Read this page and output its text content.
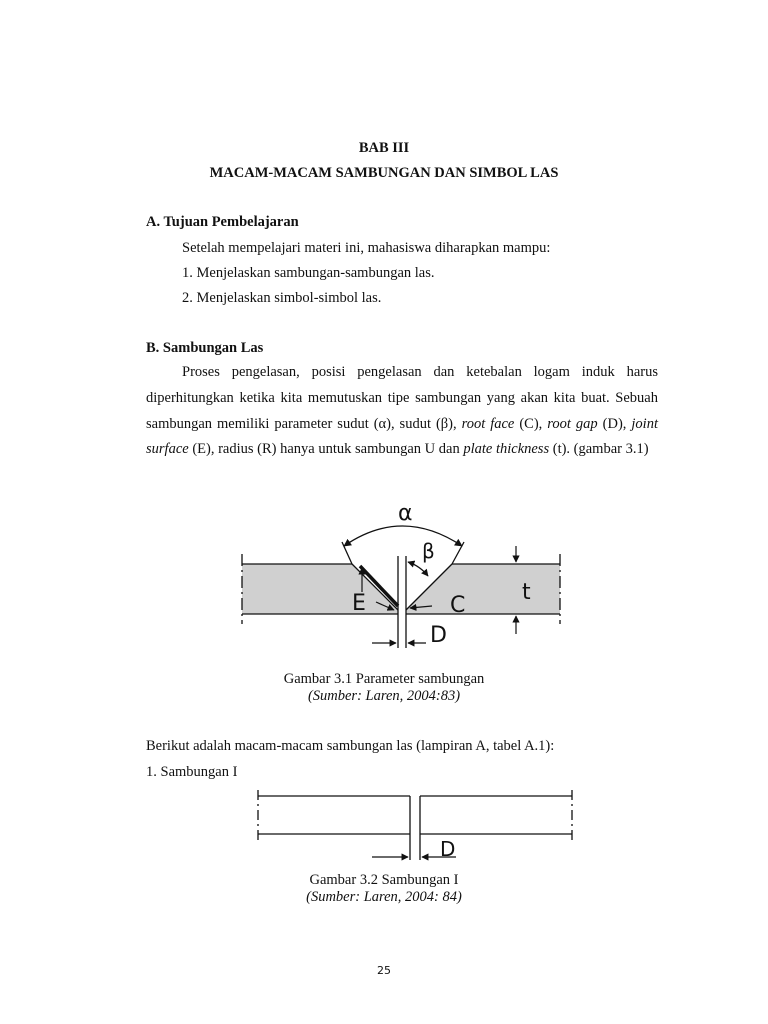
BAB III
MACAM-MACAM SAMBUNGAN DAN SIMBOL LAS
A. Tujuan Pembelajaran
Setelah mempelajari materi ini, mahasiswa diharapkan mampu:
1. Menjelaskan sambungan-sambungan las.
2. Menjelaskan simbol-simbol las.
B. Sambungan Las
Proses pengelasan, posisi pengelasan dan ketebalan logam induk harus diperhitungkan ketika kita memutuskan tipe sambungan yang akan kita buat. Sebuah sambungan memiliki parameter sudut (α), sudut (β), root face (C), root gap (D), joint surface (E), radius (R) hanya untuk sambungan U dan plate thickness (t). (gambar 3.1)
α
β
t
E	C
D
Gambar 3.1 Parameter sambungan
(Sumber: Laren, 2004:83)
Berikut adalah macam-macam sambungan las (lampiran A, tabel A.1):
1. Sambungan I
D
Gambar 3.2 Sambungan I
(Sumber: Laren, 2004: 84)
25
